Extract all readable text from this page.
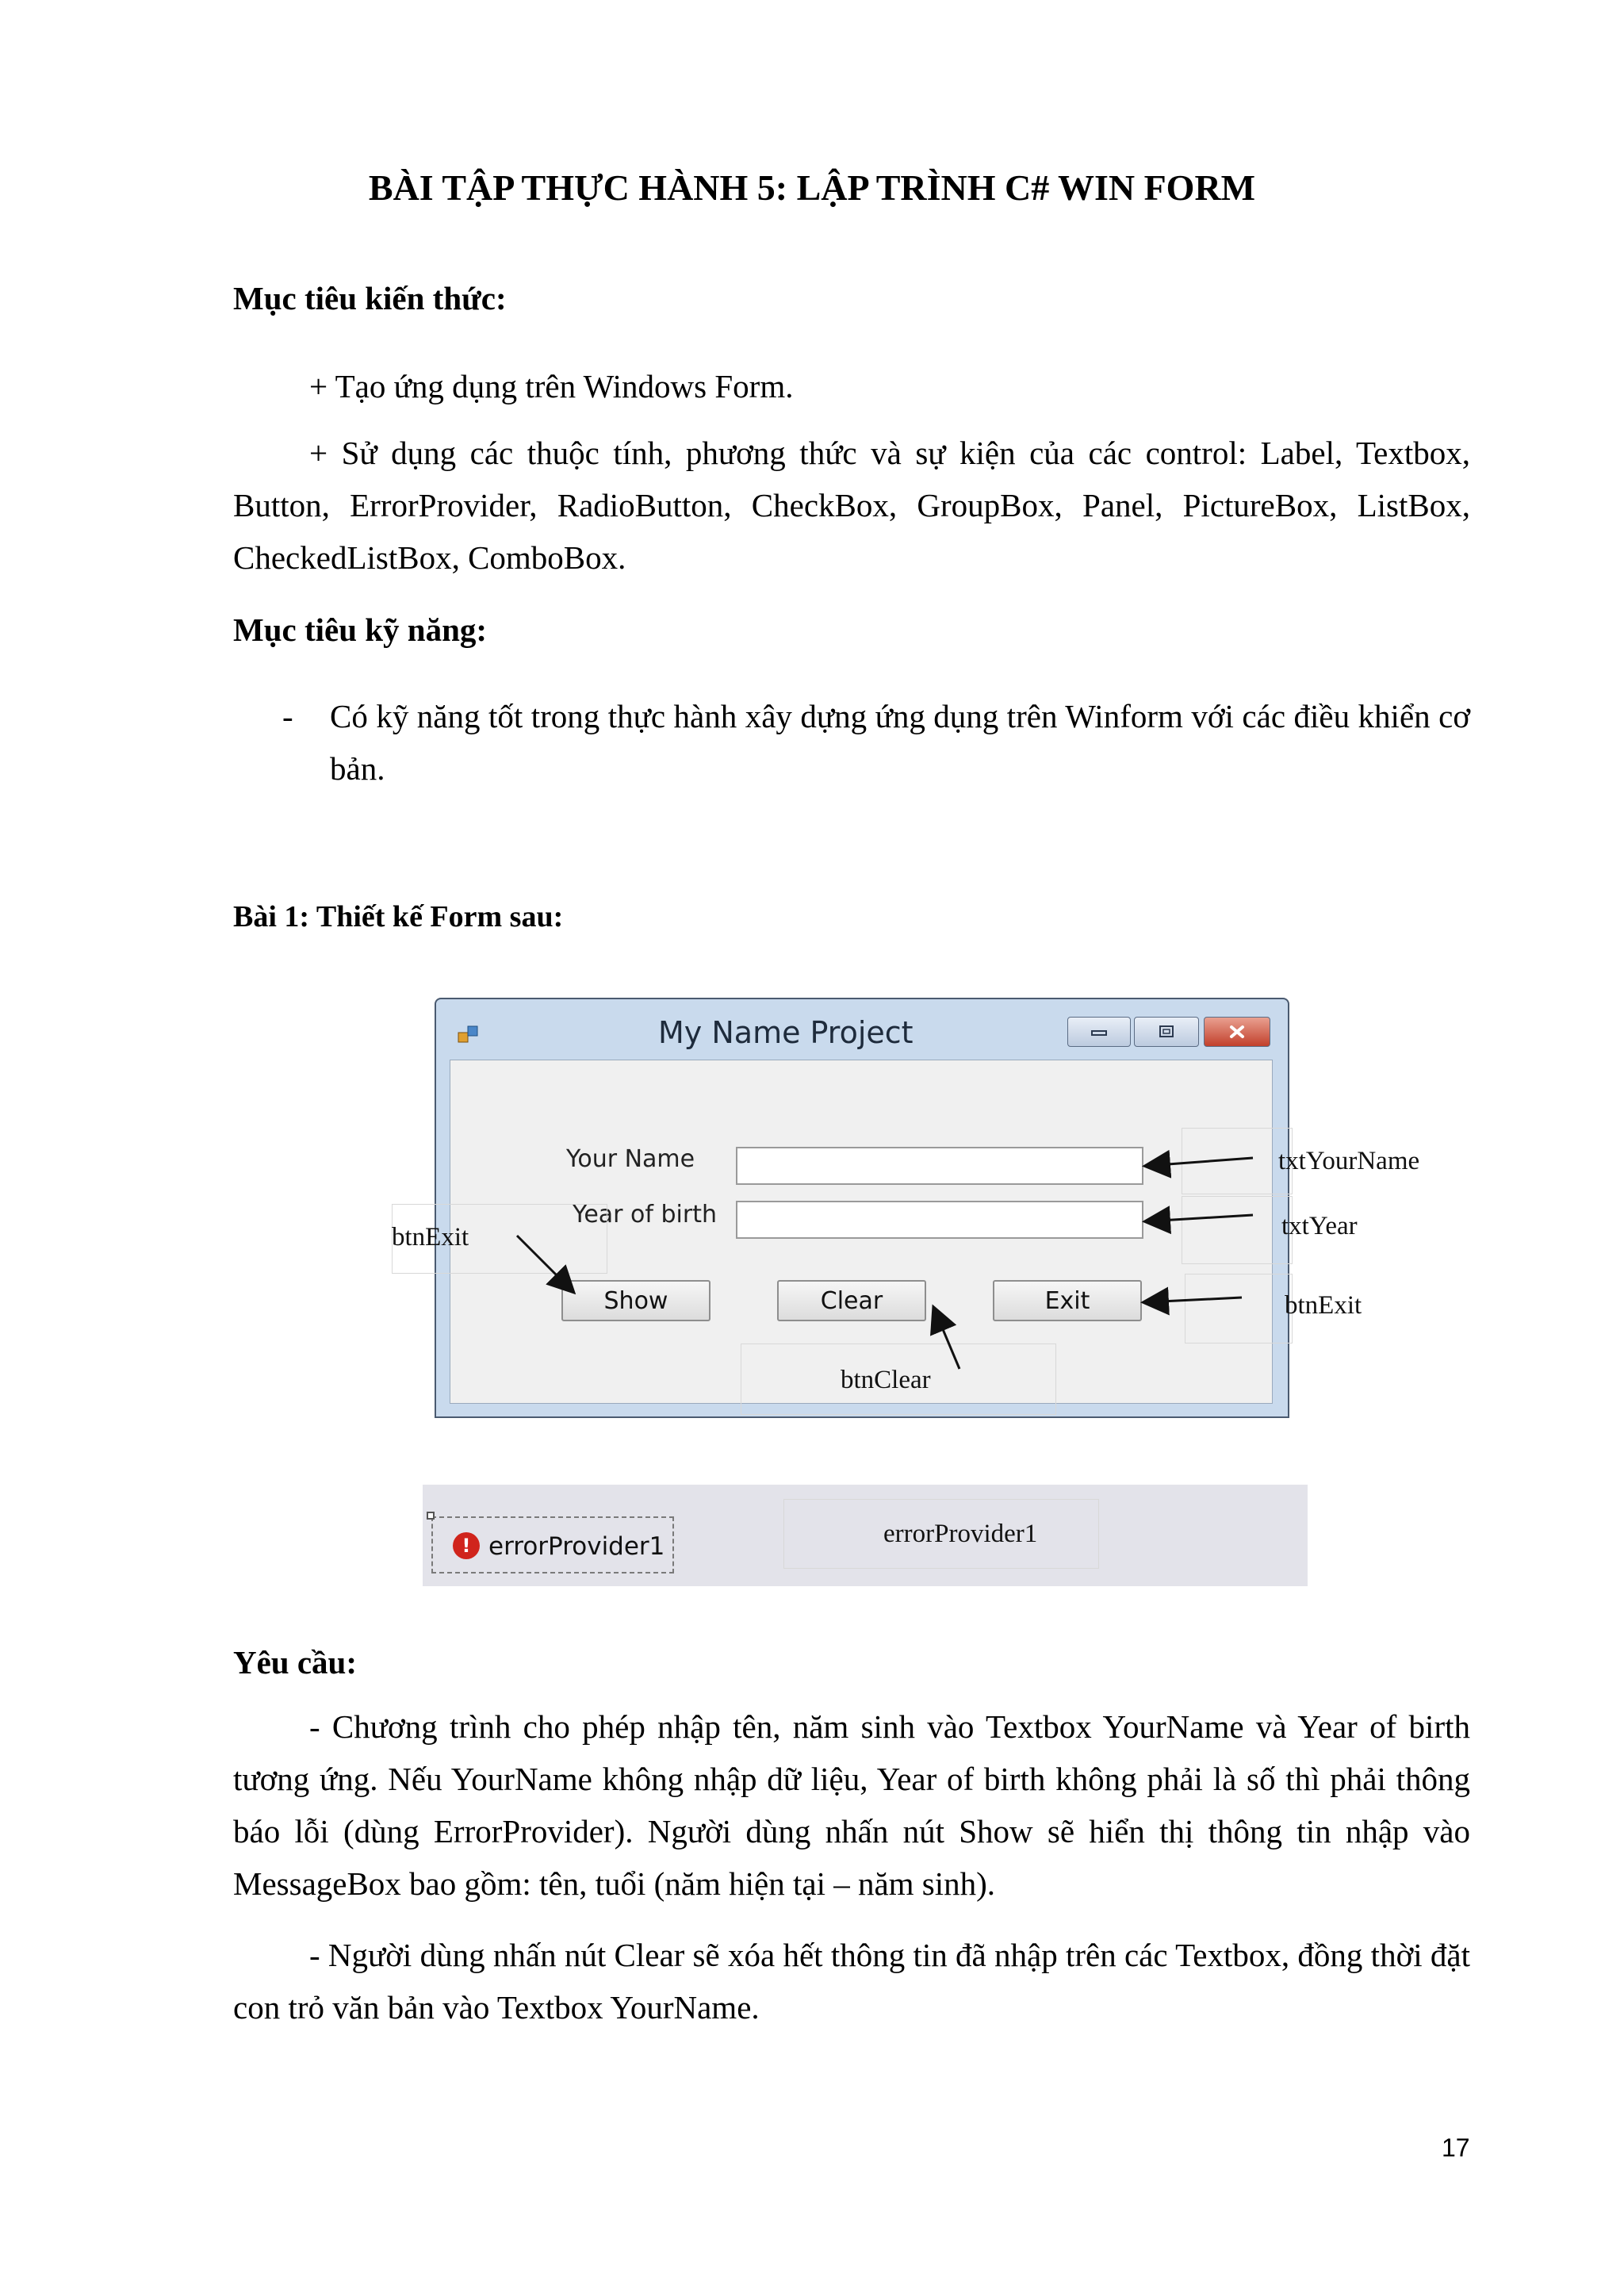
BÀI TẬP THỰC HÀNH 5: LẬP TRÌNH C# WIN FORM
Mục tiêu kiến thức:
+ Tạo ứng dụng trên Windows Form.
+ Sử dụng các thuộc tính, phương thức và sự kiện của các control: Label, Textbox, Button, ErrorProvider, RadioButton, CheckBox, GroupBox, Panel, PictureBox, ListBox, CheckedListBox, ComboBox.
Mục tiêu kỹ năng:
- Có kỹ năng tốt trong thực hành xây dựng ứng dụng trên Winform với các điều khiển cơ bản.
Bài 1: Thiết kế Form sau:
My Name Project
Your Name
Year of birth
Show	Clear	Exit
txtYourName
txtYear
btnExit
btnExit
btnClear
! errorProvider1	errorProvider1
Yêu cầu:
- Chương trình cho phép nhập tên, năm sinh vào Textbox YourName và Year of birth tương ứng. Nếu YourName không nhập dữ liệu, Year of birth không phải là số thì phải thông báo lỗi (dùng ErrorProvider). Người dùng nhấn nút Show sẽ hiển thị thông tin nhập vào MessageBox bao gồm: tên, tuổi (năm hiện tại – năm sinh).
- Người dùng nhấn nút Clear sẽ xóa hết thông tin đã nhập trên các Textbox, đồng thời đặt con trỏ văn bản vào Textbox YourName.
17
